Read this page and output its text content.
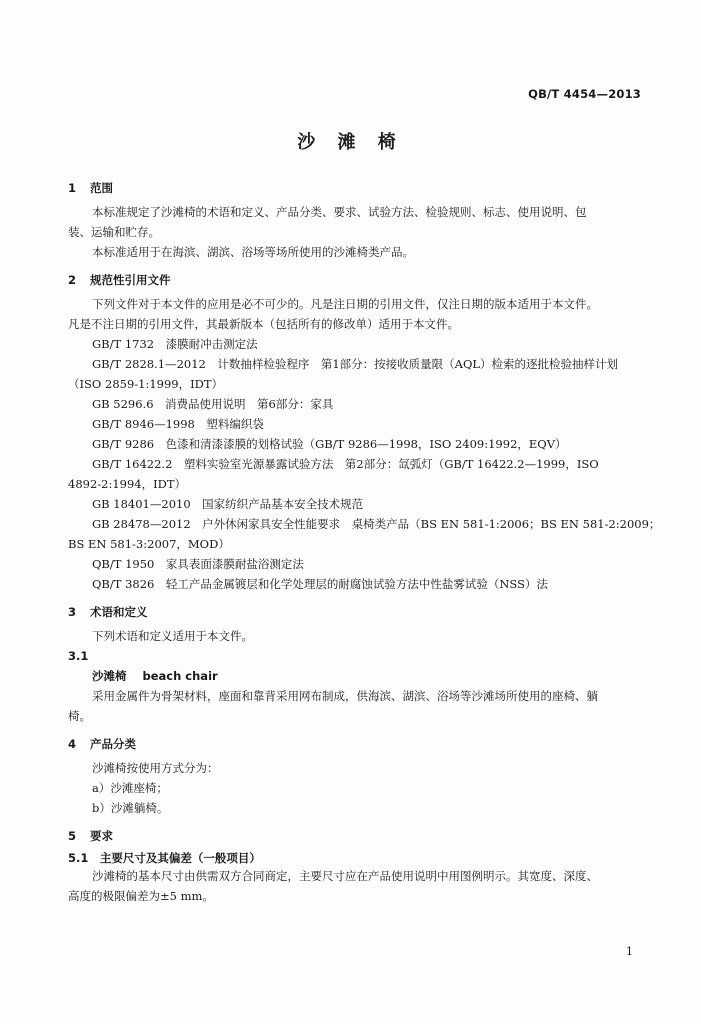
QB/T 4454—2013
沙 滩 椅
1 范围
本标准规定了沙滩椅的术语和定义、产品分类、要求、试验方法、检验规则、标志、使用说明、包
装、运输和贮存。
本标准适用于在海滨、湖滨、浴场等场所使用的沙滩椅类产品。
2 规范性引用文件
下列文件对于本文件的应用是必不可少的。凡是注日期的引用文件，仅注日期的版本适用于本文件。
凡是不注日期的引用文件，其最新版本（包括所有的修改单）适用于本文件。
GB/T 1732　漆膜耐冲击测定法
GB/T 2828.1—2012　计数抽样检验程序　第1部分：按接收质量限（AQL）检索的逐批检验抽样计划
（ISO 2859-1:1999，IDT）
GB 5296.6　消费品使用说明　第6部分：家具
GB/T 8946—1998　塑料编织袋
GB/T 9286　色漆和清漆漆膜的划格试验（GB/T 9286—1998，ISO 2409:1992，EQV）
GB/T 16422.2　塑料实验室光源暴露试验方法　第2部分：氙弧灯（GB/T 16422.2—1999，ISO
4892-2:1994，IDT）
GB 18401—2010　国家纺织产品基本安全技术规范
GB 28478—2012　户外休闲家具安全性能要求　桌椅类产品（BS EN 581-1:2006；BS EN 581-2:2009；
BS EN 581-3:2007，MOD）
QB/T 1950　家具表面漆膜耐盐浴测定法
QB/T 3826　轻工产品金属镀层和化学处理层的耐腐蚀试验方法中性盐雾试验（NSS）法
3 术语和定义
下列术语和定义适用于本文件。
3.1
沙滩椅 beach chair
采用金属件为骨架材料，座面和靠背采用网布制成，供海滨、湖滨、浴场等沙滩场所使用的座椅、躺
椅。
4 产品分类
沙滩椅按使用方式分为：
a）沙滩座椅；
b）沙滩躺椅。
5 要求
5.1　主要尺寸及其偏差（一般项目）
沙滩椅的基本尺寸由供需双方合同商定，主要尺寸应在产品使用说明中用图例明示。其宽度、深度、
高度的极限偏差为±5 mm。
1
